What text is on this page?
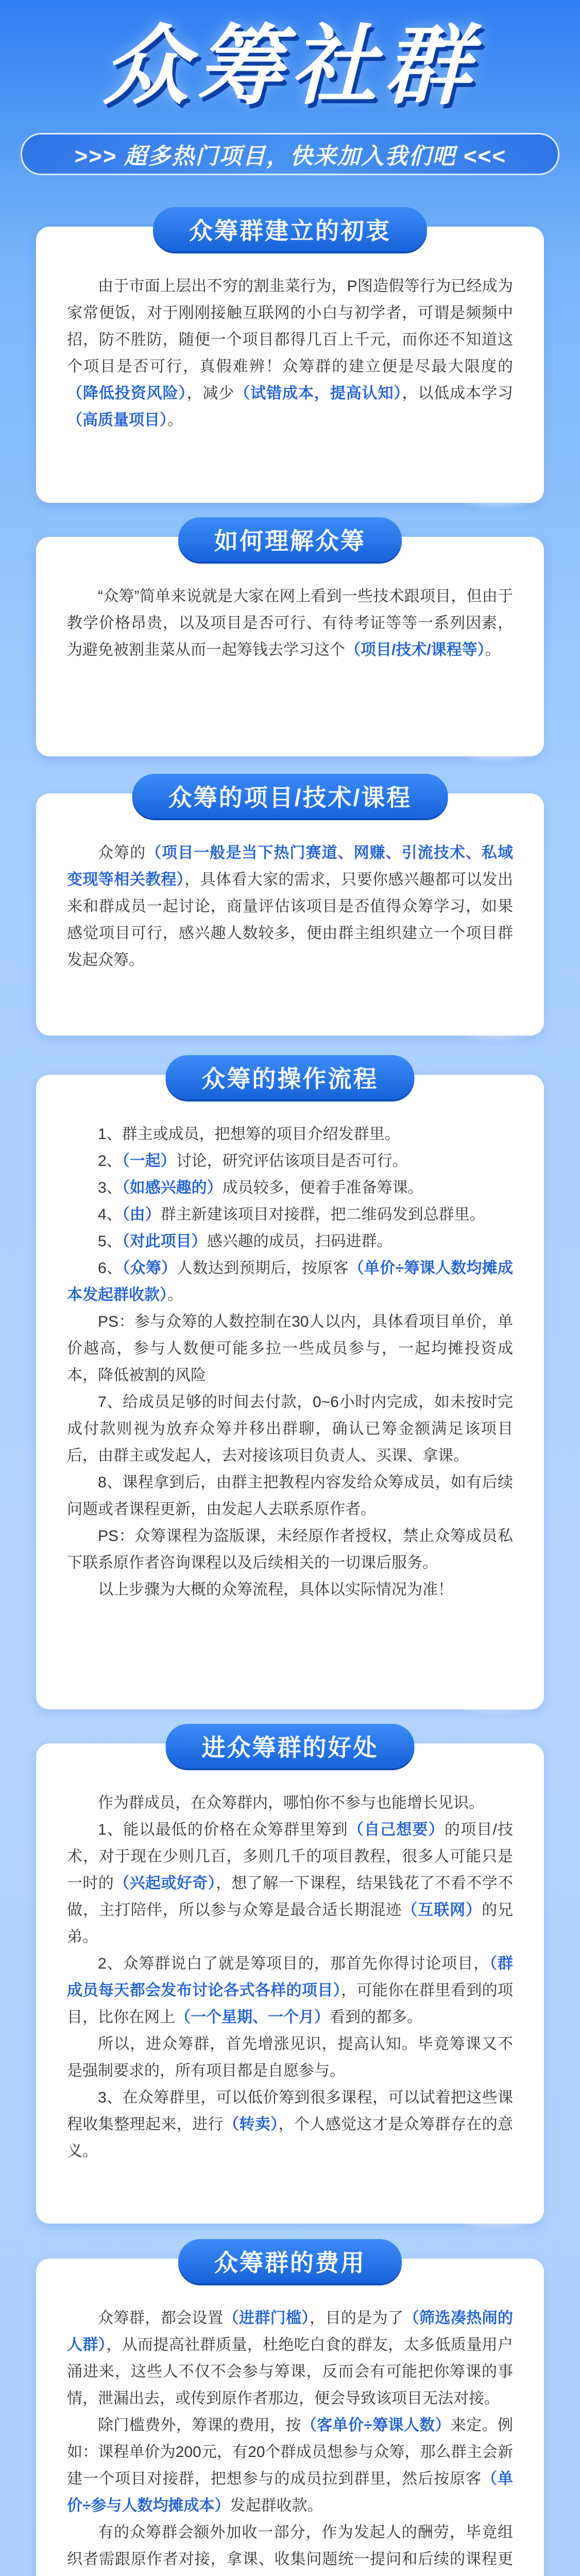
众筹社群
>>> 超多热门项目，快来加入我们吧 <<<
众筹群建立的初衷

由于市面上层出不穷的割韭菜行为，P图造假等行为已经成为家常便饭，对于刚刚接触互联网的小白与初学者，可谓是频频中招，防不胜防，随便一个项目都得几百上千元，而你还不知道这个项目是否可行，真假难辨！众筹群的建立便是尽最大限度的（降低投资风险），减少（试错成本，提高认知），以低成本学习（高质量项目）。

如何理解众筹

“众筹”简单来说就是大家在网上看到一些技术跟项目，但由于教学价格昂贵，以及项目是否可行、有待考证等等一系列因素，为避免被割韭菜从而一起筹钱去学习这个（项目/技术/课程等）。

众筹的项目/技术/课程

众筹的（项目一般是当下热门赛道、网赚、引流技术、私域变现等相关教程），具体看大家的需求，只要你感兴趣都可以发出来和群成员一起讨论，商量评估该项目是否值得众筹学习，如果感觉项目可行，感兴趣人数较多，便由群主组织建立一个项目群发起众筹。

众筹的操作流程

1、群主或成员，把想筹的项目介绍发群里。

2、（一起）讨论，研究评估该项目是否可行。

3、（如感兴趣的）成员较多，便着手准备筹课。

4、（由）群主新建该项目对接群，把二维码发到总群里。

5、（对此项目）感兴趣的成员，扫码进群。

6、（众筹）人数达到预期后，按原客（单价÷筹课人数均摊成本发起群收款）。

PS：参与众筹的人数控制在30人以内，具体看项目单价，单价越高，参与人数便可能多拉一些成员参与，一起均摊投资成本，降低被割的风险

7、给成员足够的时间去付款，0~6小时内完成，如未按时完成付款则视为放弃众筹并移出群聊，确认已筹金额满足该项目后，由群主或发起人，去对接该项目负责人、买课、拿课。

8、课程拿到后，由群主把教程内容发给众筹成员，如有后续问题或者课程更新，由发起人去联系原作者。

PS：众筹课程为盗版课，未经原作者授权，禁止众筹成员私下联系原作者咨询课程以及后续相关的一切课后服务。

以上步骤为大概的众筹流程，具体以实际情况为准！

进众筹群的好处

作为群成员，在众筹群内，哪怕你不参与也能增长见识。

1、能以最低的价格在众筹群里筹到（自己想要）的项目/技术，对于现在少则几百，多则几千的项目教程，很多人可能只是一时的（兴起或好奇），想了解一下课程，结果钱花了不看不学不做，主打陪伴，所以参与众筹是最合适长期混迹（互联网）的兄弟。

2、众筹群说白了就是筹项目的，那首先你得讨论项目，（群成员每天都会发布讨论各式各样的项目），可能你在群里看到的项目，比你在网上（一个星期、一个月）看到的都多。

所以，进众筹群，首先增涨见识，提高认知。毕竟筹课又不是强制要求的，所有项目都是自愿参与。

3、在众筹群里，可以低价筹到很多课程，可以试着把这些课程收集整理起来，进行（转卖），个人感觉这才是众筹群存在的意义。

众筹群的费用

众筹群，都会设置（进群门槛），目的是为了（筛选凑热闹的人群），从而提高社群质量，杜绝吃白食的群友，太多低质量用户涌进来，这些人不仅不会参与筹课，反而会有可能把你筹课的事情，泄漏出去，或传到原作者那边，便会导致该项目无法对接。

除门槛费外，筹课的费用，按（客单价÷筹课人数）来定。例如：课程单价为200元，有20个群成员想参与众筹，那么群主会新建一个项目对接群，把想参与的成员拉到群里，然后按原客（单价÷参与人数均摊成本）发起群收款。

有的众筹群会额外加收一部分，作为发起人的酬劳，毕竟组织者需跟原作者对接，拿课、收集问题统一提问和后续的课程更
